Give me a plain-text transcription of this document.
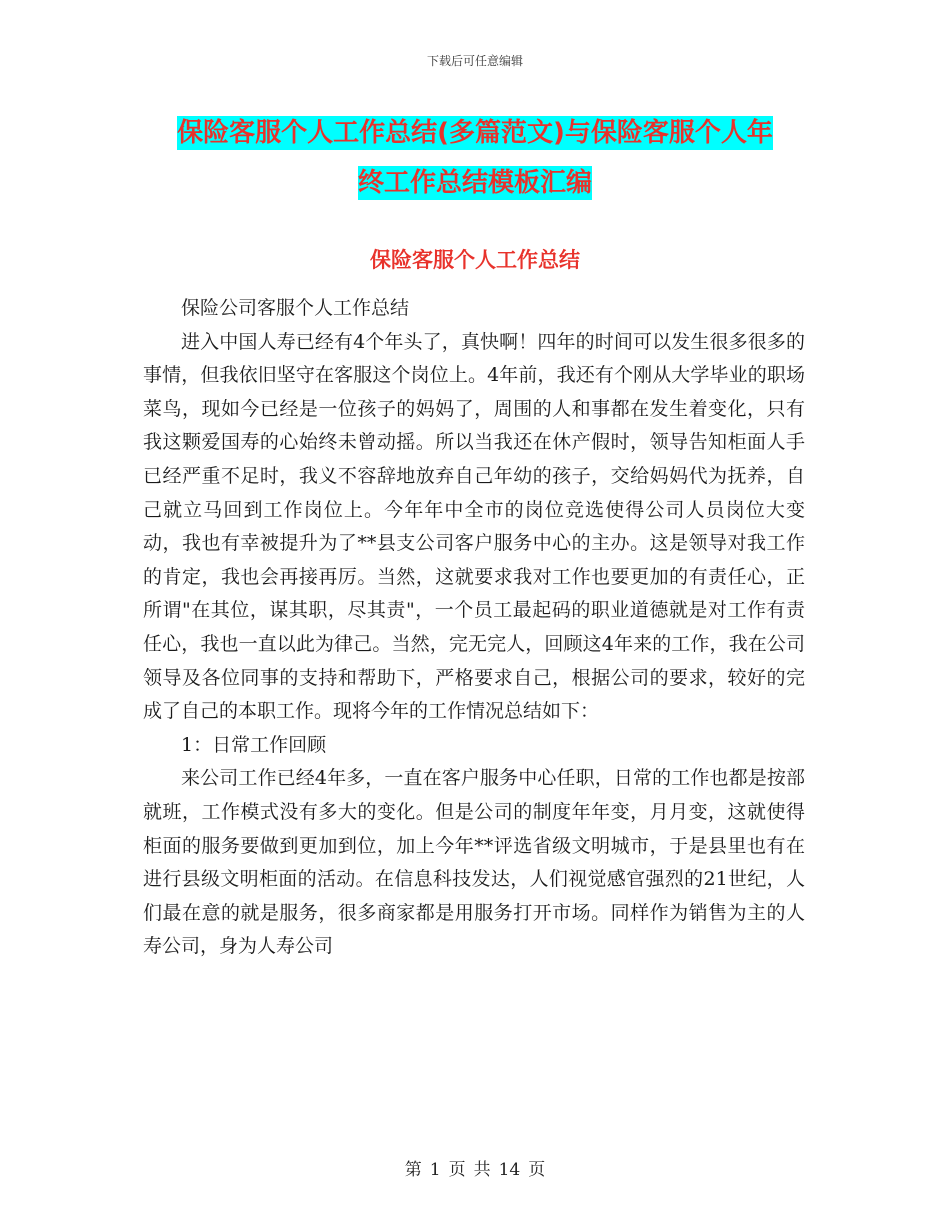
下载后可任意编辑
保险客服个人工作总结(多篇范文)与保险客服个人年
终工作总结模板汇编
保险客服个人工作总结

保险公司客服个人工作总结

进入中国人寿已经有4个年头了，真快啊！四年的时间可以发生很多很多的事情，但我依旧坚守在客服这个岗位上。4年前，我还有个刚从大学毕业的职场菜鸟，现如今已经是一位孩子的妈妈了，周围的人和事都在发生着变化，只有我这颗爱国寿的心始终未曾动摇。所以当我还在休产假时，领导告知柜面人手已经严重不足时，我义不容辞地放弃自己年幼的孩子，交给妈妈代为抚养，自己就立马回到工作岗位上。今年年中全市的岗位竞选使得公司人员岗位大变动，我也有幸被提升为了**县支公司客户服务中心的主办。这是领导对我工作的肯定，我也会再接再厉。当然，这就要求我对工作也要更加的有责任心，正所谓"在其位，谋其职，尽其责"，一个员工最起码的职业道德就是对工作有责任心，我也一直以此为律己。当然，完无完人，回顾这4年来的工作，我在公司领导及各位同事的支持和帮助下，严格要求自己，根据公司的要求，较好的完成了自己的本职工作。现将今年的工作情况总结如下：

1：日常工作回顾

来公司工作已经4年多，一直在客户服务中心任职，日常的工作也都是按部就班，工作模式没有多大的变化。但是公司的制度年年变，月月变，这就使得柜面的服务要做到更加到位，加上今年**评选省级文明城市，于是县里也有在进行县级文明柜面的活动。在信息科技发达，人们视觉感官强烈的21世纪，人们最在意的就是服务，很多商家都是用服务打开市场。同样作为销售为主的人寿公司，身为人寿公司

第 1 页 共 14 页
